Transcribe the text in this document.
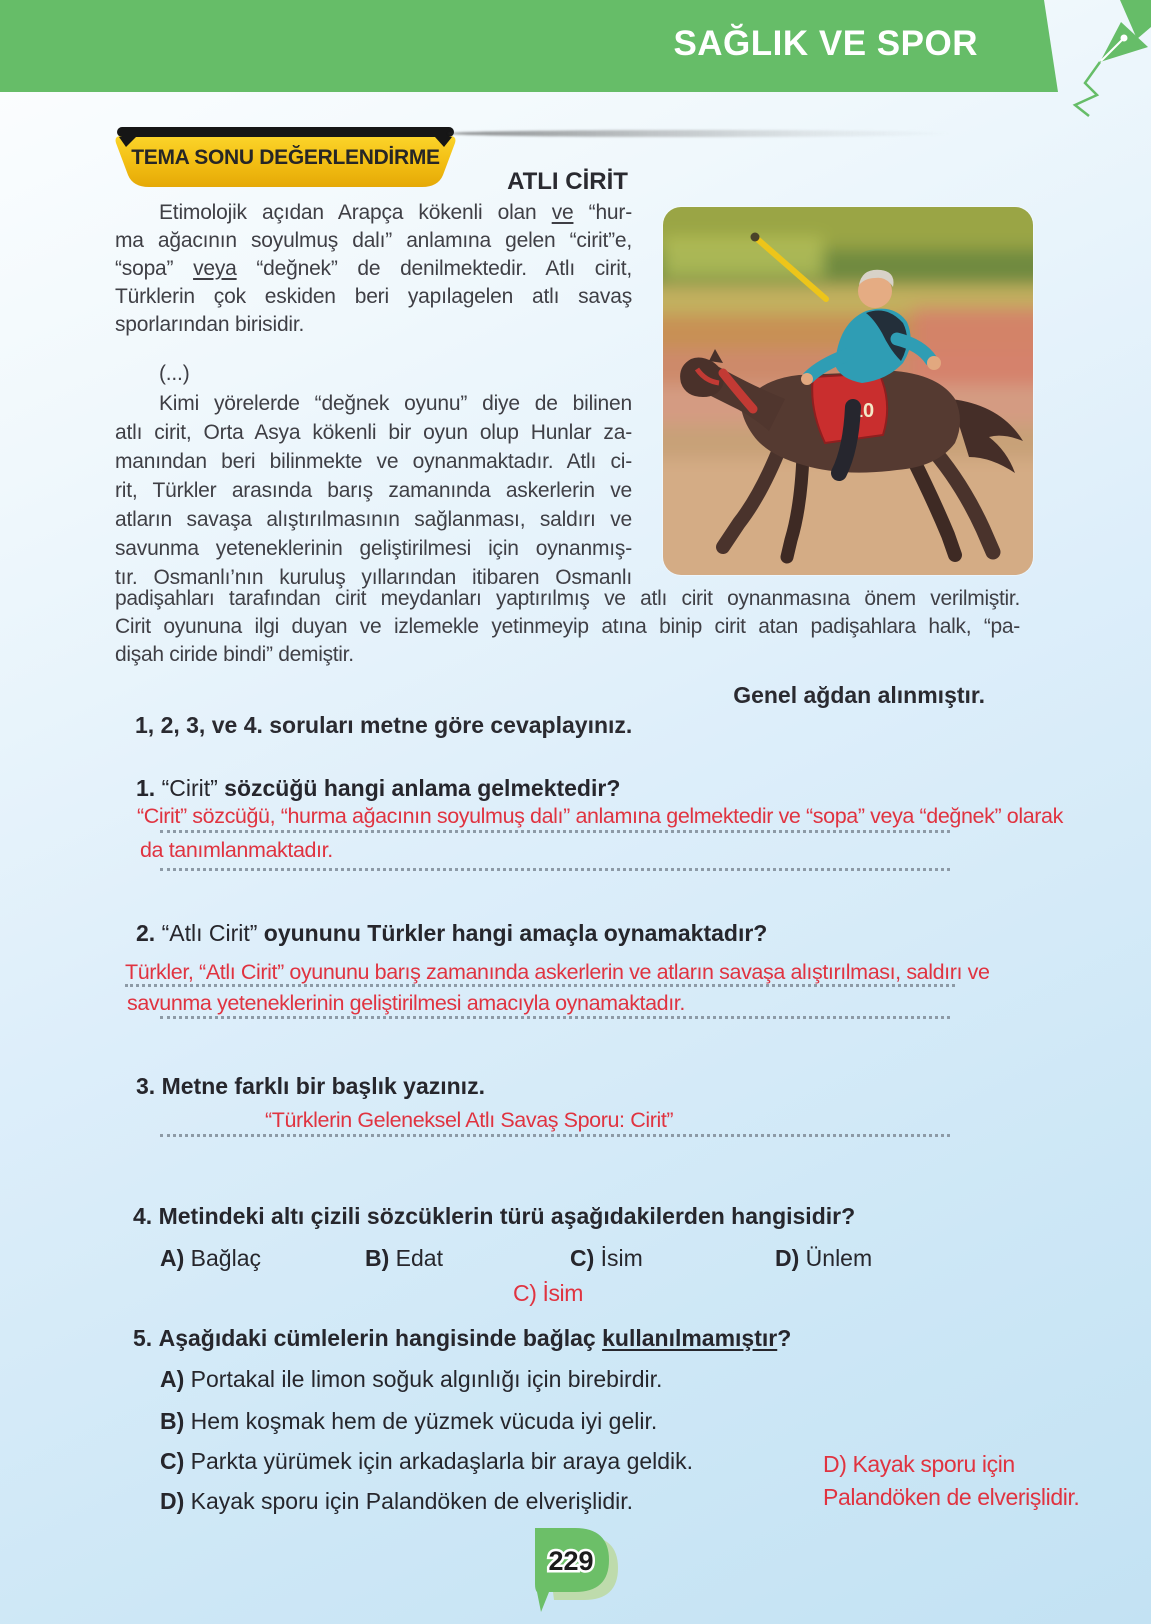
SAĞLIK VE SPOR
TEMA SONU DEĞERLENDİRME
ATLI CİRİT
Etimolojik açıdan Arapça kökenli olan ve “hur-
ma ağacının soyulmuş dalı” anlamına gelen “cirit”e,
“sopa” veya “değnek” de denilmektedir. Atlı cirit,
Türklerin çok eskiden beri yapılagelen atlı savaş
sporlarından birisidir.
(...)
Kimi yörelerde “değnek oyunu” diye de bilinen
atlı cirit, Orta Asya kökenli bir oyun olup Hunlar za-
manından beri bilinmekte ve oynanmaktadır. Atlı ci-
rit, Türkler arasında barış zamanında askerlerin ve
atların savaşa alıştırılmasının sağlanması, saldırı ve
savunma yeteneklerinin geliştirilmesi için oynanmış-
tır. Osmanlı’nın kuruluş yıllarından itibaren Osmanlı
padişahları tarafından cirit meydanları yaptırılmış ve atlı cirit oynanmasına önem verilmiştir.
Cirit oyununa ilgi duyan ve izlemekle yetinmeyip atına binip cirit atan padişahlara halk, “pa-
dişah ciride bindi” demiştir.
Genel ağdan alınmıştır.
1, 2, 3, ve 4. soruları metne göre cevaplayınız.
10
1. “Cirit” sözcüğü hangi anlama gelmektedir?
“Cirit” sözcüğü, “hurma ağacının soyulmuş dalı” anlamına gelmektedir ve “sopa” veya “değnek” olarak
da tanımlanmaktadır.
2. “Atlı Cirit” oyununu Türkler hangi amaçla oynamaktadır?
Türkler, “Atlı Cirit” oyununu barış zamanında askerlerin ve atların savaşa alıştırılması, saldırı ve
savunma yeteneklerinin geliştirilmesi amacıyla oynamaktadır.
3. Metne farklı bir başlık yazınız.
“Türklerin Geleneksel Atlı Savaş Sporu: Cirit”
4. Metindeki altı çizili sözcüklerin türü aşağıdakilerden hangisidir?
A) Bağlaç	B) Edat	C) İsim	D) Ünlem
C) İsim
5. Aşağıdaki cümlelerin hangisinde bağlaç kullanılmamıştır?
A) Portakal ile limon soğuk algınlığı için birebirdir.
B) Hem koşmak hem de yüzmek vücuda iyi gelir.
C) Parkta yürümek için arkadaşlarla bir araya geldik.
D) Kayak sporu için Palandöken de elverişlidir.
D) Kayak sporu için
Palandöken de elverişlidir.
229
